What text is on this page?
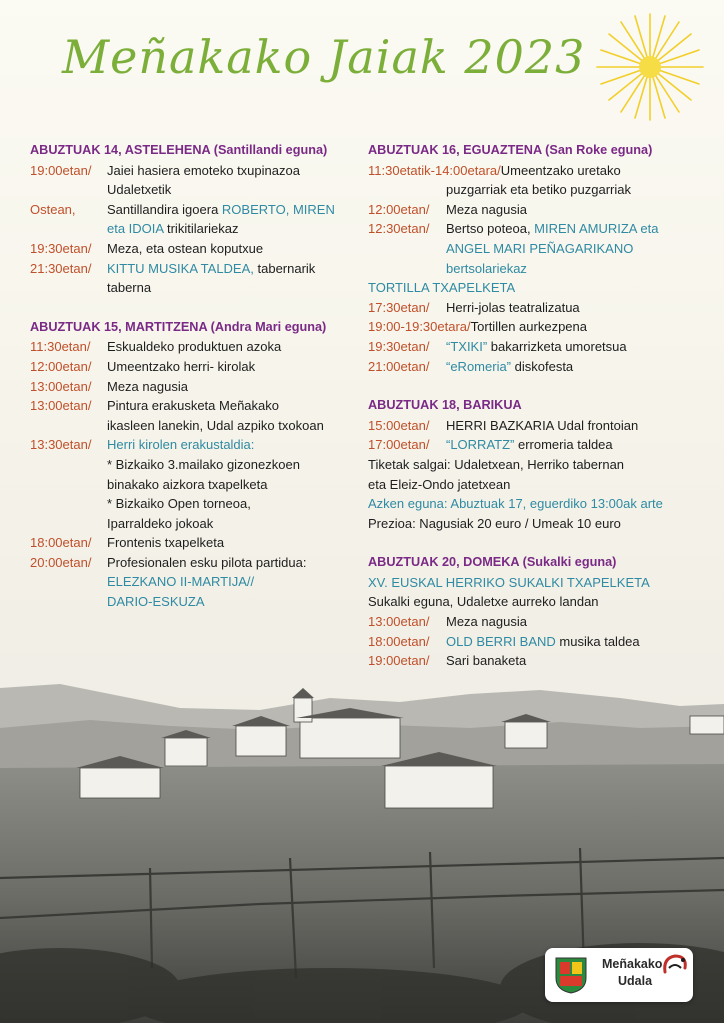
Meñakako Jaiak 2023
ABUZTUAK 14, ASTELEHENA (Santillandi eguna)
19:00etan/	Jaiei hasiera emoteko txupinazoa
Udaletxetik
Ostean,	Santillandira igoera ROBERTO, MIREN
eta IDOIA trikitilariekaz
19:30etan/	Meza, eta ostean koputxue
21:30etan/	KITTU MUSIKA TALDEA, tabernarik
taberna
ABUZTUAK 15, MARTITZENA (Andra Mari eguna)
11:30etan/	Eskualdeko produktuen azoka
12:00etan/	Umeentzako herri- kirolak
13:00etan/	Meza nagusia
13:00etan/	Pintura erakusketa Meñakako
ikasleen lanekin, Udal azpiko txokoan
13:30etan/	Herri kirolen erakustaldia:
* Bizkaiko 3.mailako gizonezkoen
binakako aizkora txapelketa
* Bizkaiko Open torneoa,
Iparraldeko jokoak
18:00etan/	Frontenis txapelketa
20:00etan/	Profesionalen esku pilota partidua:
ELEZKANO II-MARTIJA//
DARIO-ESKUZA
ABUZTUAK 16, EGUAZTENA (San Roke eguna)
11:30etatik-14:00etara/ Umeentzako uretako
puzgarriak eta betiko puzgarriak
12:00etan/	Meza nagusia
12:30etan/	Bertso poteoa, MIREN AMURIZA eta
ANGEL MARI PEÑAGARIKANO
bertsolariekaz
TORTILLA TXAPELKETA
17:30etan/	Herri-jolas teatralizatua
19:00-19:30etara/ Tortillen aurkezpena
19:30etan/	“TXIKI” bakarrizketa umoretsua
21:00etan/	“eRomeria” diskofesta
ABUZTUAK 18, BARIKUA
15:00etan/	HERRI BAZKARIA Udal frontoian
17:00etan/	“LORRATZ” erromeria taldea
Tiketak salgai: Udaletxean, Herriko tabernan
eta Eleiz-Ondo jatetxean
Azken eguna: Abuztuak 17, eguerdiko 13:00ak arte
Prezioa: Nagusiak 20 euro / Umeak 10 euro
ABUZTUAK 20, DOMEKA (Sukalki eguna)
XV. EUSKAL HERRIKO SUKALKI TXAPELKETA
Sukalki eguna, Udaletxe aurreko landan
13:00etan/	Meza nagusia
18:00etan/	OLD BERRI BAND musika taldea
19:00etan/	Sari banaketa
Meñakako
Udala
